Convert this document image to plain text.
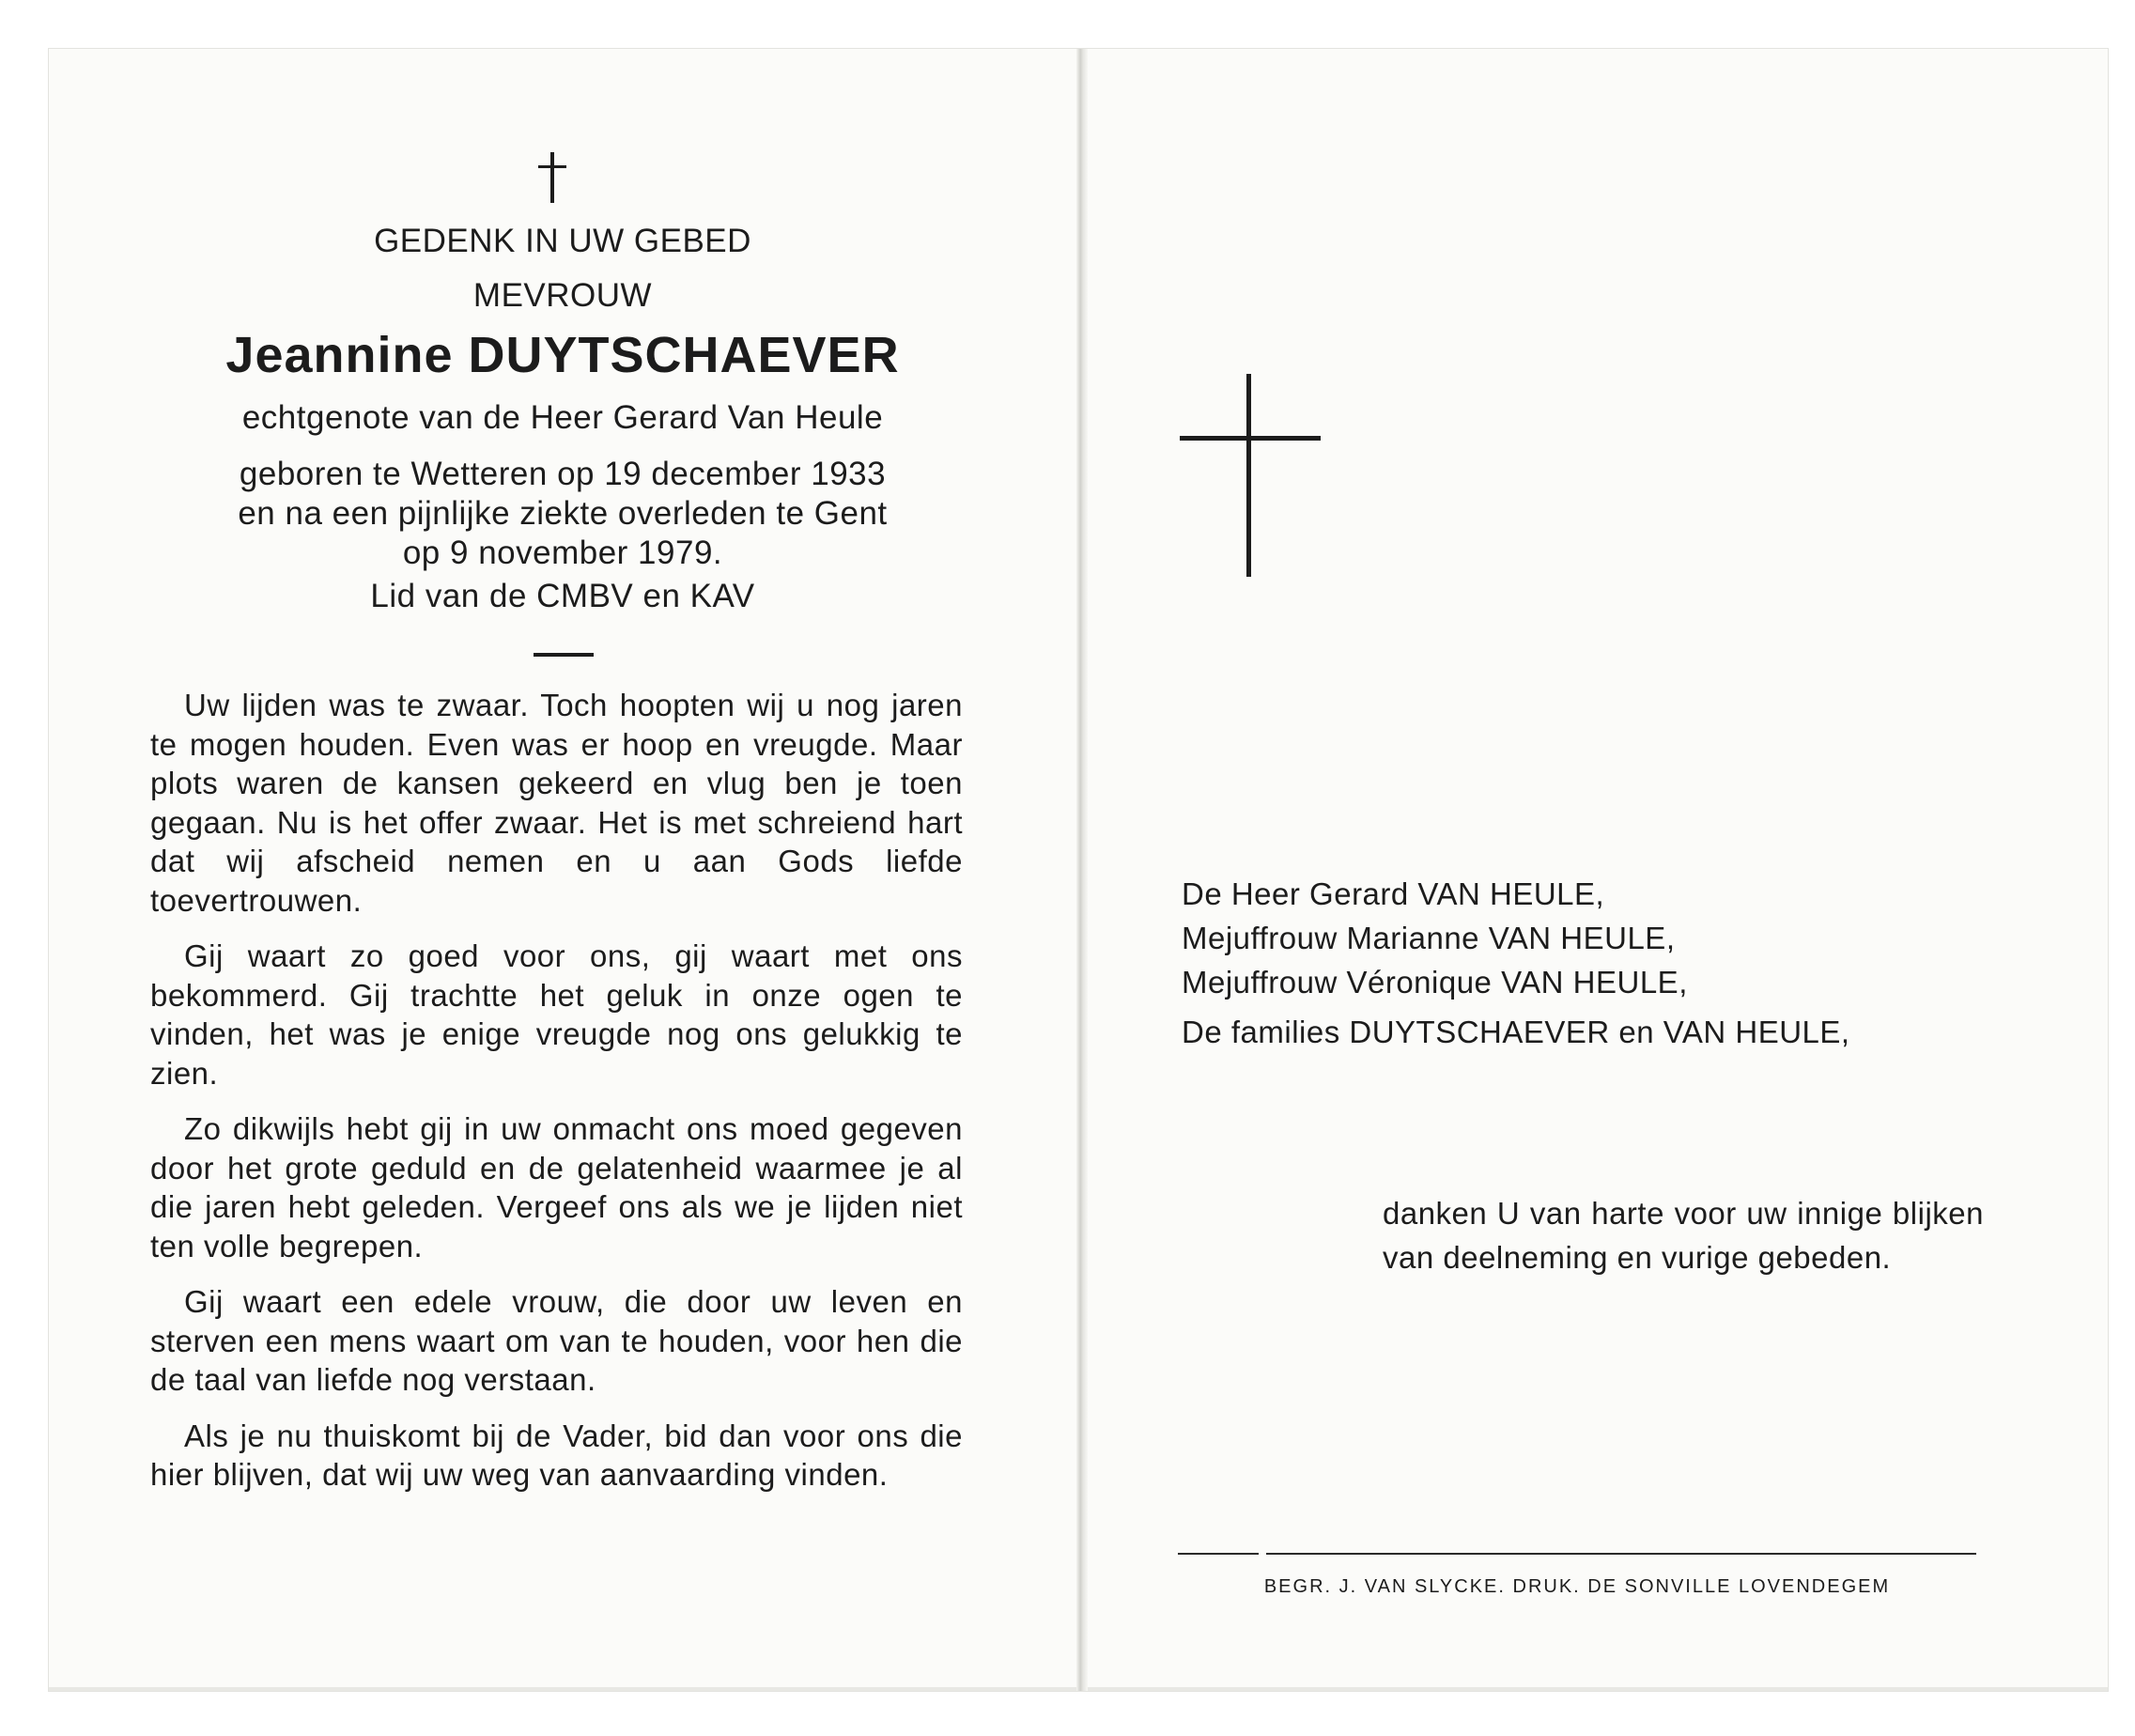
GEDENK IN UW GEBED
MEVROUW
Jeannine DUYTSCHAEVER
echtgenote van de Heer Gerard Van Heule
geboren te Wetteren op 19 december 1933
en na een pijnlijke ziekte overleden te Gent
op 9 november 1979.
Lid van de CMBV en KAV

Uw lijden was te zwaar. Toch hoopten wij u nog jaren te mogen houden. Even was er hoop en vreugde. Maar plots waren de kansen gekeerd en vlug ben je toen gegaan. Nu is het offer zwaar. Het is met schreiend hart dat wij afscheid nemen en u aan Gods liefde toevertrouwen.

Gij waart zo goed voor ons, gij waart met ons bekommerd. Gij trachtte het geluk in onze ogen te vinden, het was je enige vreugde nog ons gelukkig te zien.

Zo dikwijls hebt gij in uw onmacht ons moed gegeven door het grote geduld en de gelatenheid waarmee je al die jaren hebt geleden. Vergeef ons als we je lijden niet ten volle begrepen.

Gij waart een edele vrouw, die door uw leven en sterven een mens waart om van te houden, voor hen die de taal van liefde nog verstaan.

Als je nu thuiskomt bij de Vader, bid dan voor ons die hier blijven, dat wij uw weg van aanvaarding vinden.

De Heer Gerard VAN HEULE,
Mejuffrouw Marianne VAN HEULE,
Mejuffrouw Véronique VAN HEULE,
De families DUYTSCHAEVER en VAN HEULE,
danken U van harte voor uw innige blijken van deelneming en vurige gebeden.
BEGR. J. VAN SLYCKE. DRUK. DE SONVILLE LOVENDEGEM
